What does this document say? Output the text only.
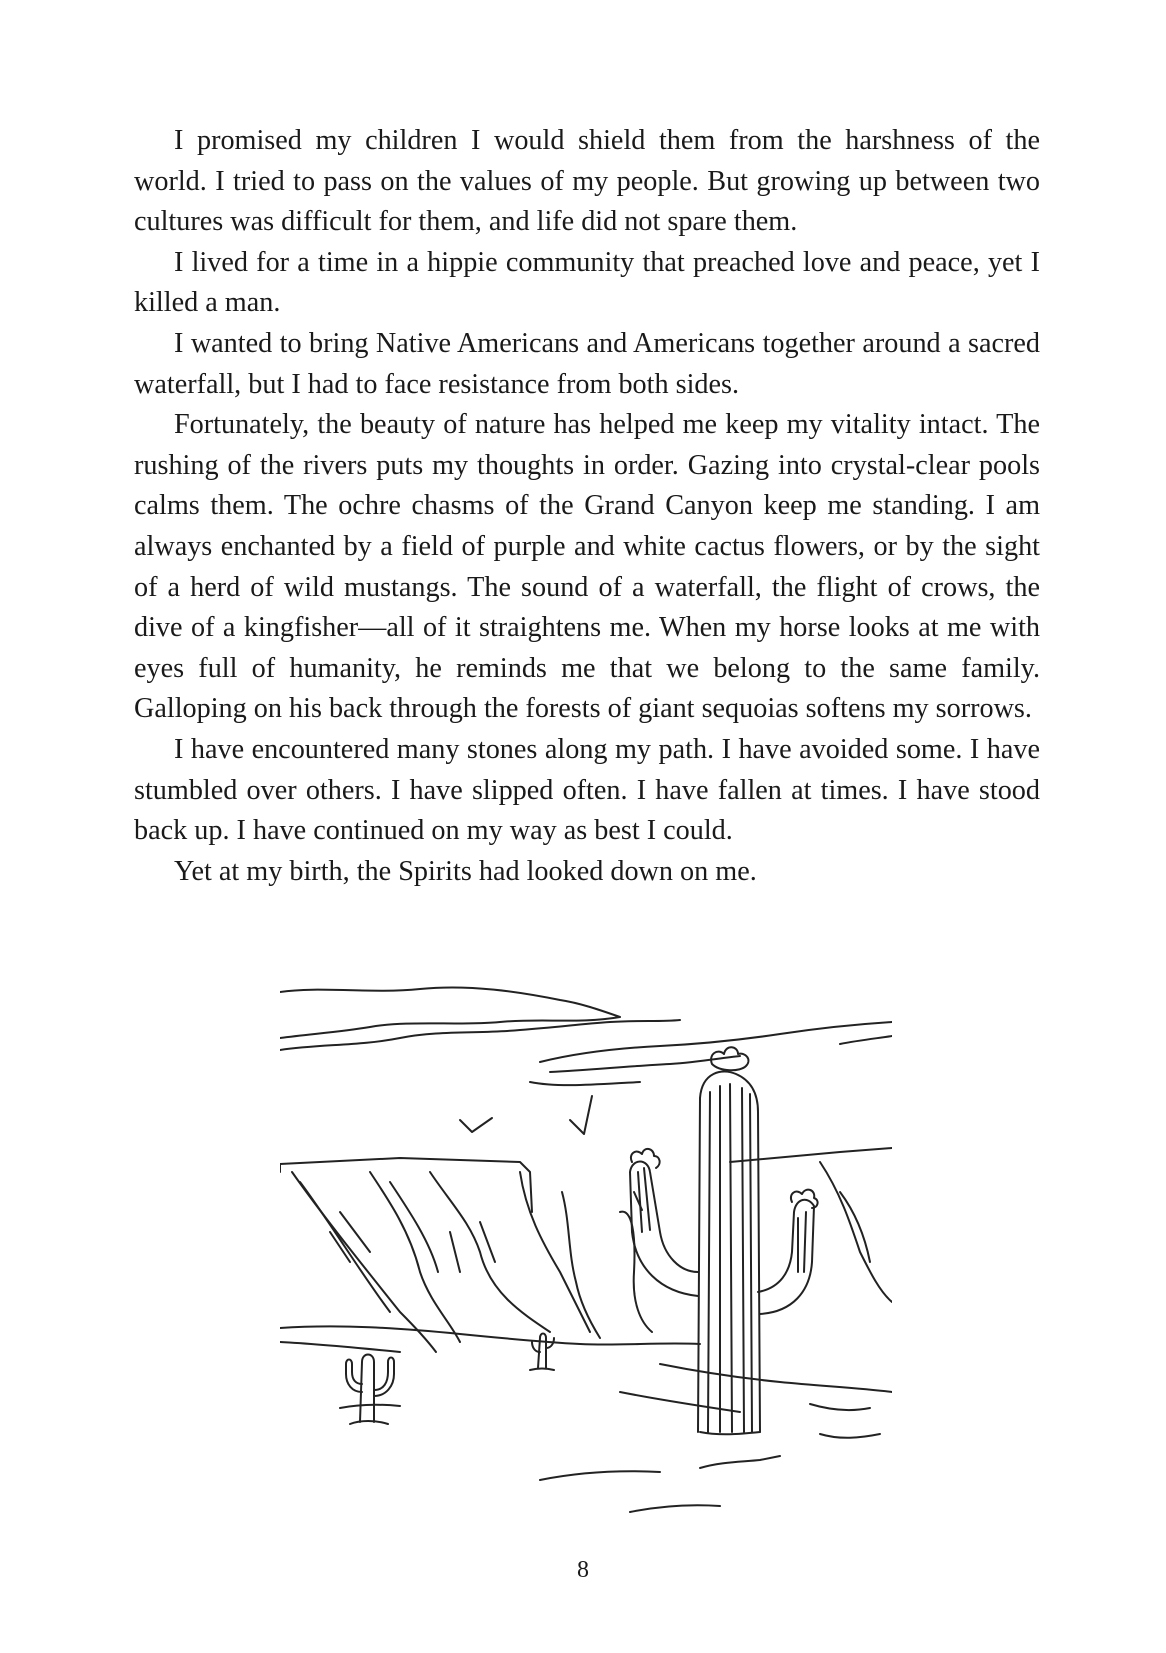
I promised my children I would shield them from the harshness of the world. I tried to pass on the values of my people. But growing up between two cultures was difficult for them, and life did not spare them.

I lived for a time in a hippie community that preached love and peace, yet I killed a man.

I wanted to bring Native Americans and Americans together around a sacred waterfall, but I had to face resistance from both sides.

Fortunately, the beauty of nature has helped me keep my vitality intact. The rushing of the rivers puts my thoughts in order. Gazing into crystal-clear pools calms them. The ochre chasms of the Grand Canyon keep me standing. I am always enchanted by a field of purple and white cactus flowers, or by the sight of a herd of wild mustangs. The sound of a waterfall, the flight of crows, the dive of a kingfisher—all of it straightens me. When my horse looks at me with eyes full of humanity, he reminds me that we belong to the same family. Galloping on his back through the forests of giant sequoias softens my sorrows.

I have encountered many stones along my path. I have avoided some. I have stumbled over others. I have slipped often. I have fallen at times. I have stood back up. I have continued on my way as best I could.

Yet at my birth, the Spirits had looked down on me.

8
